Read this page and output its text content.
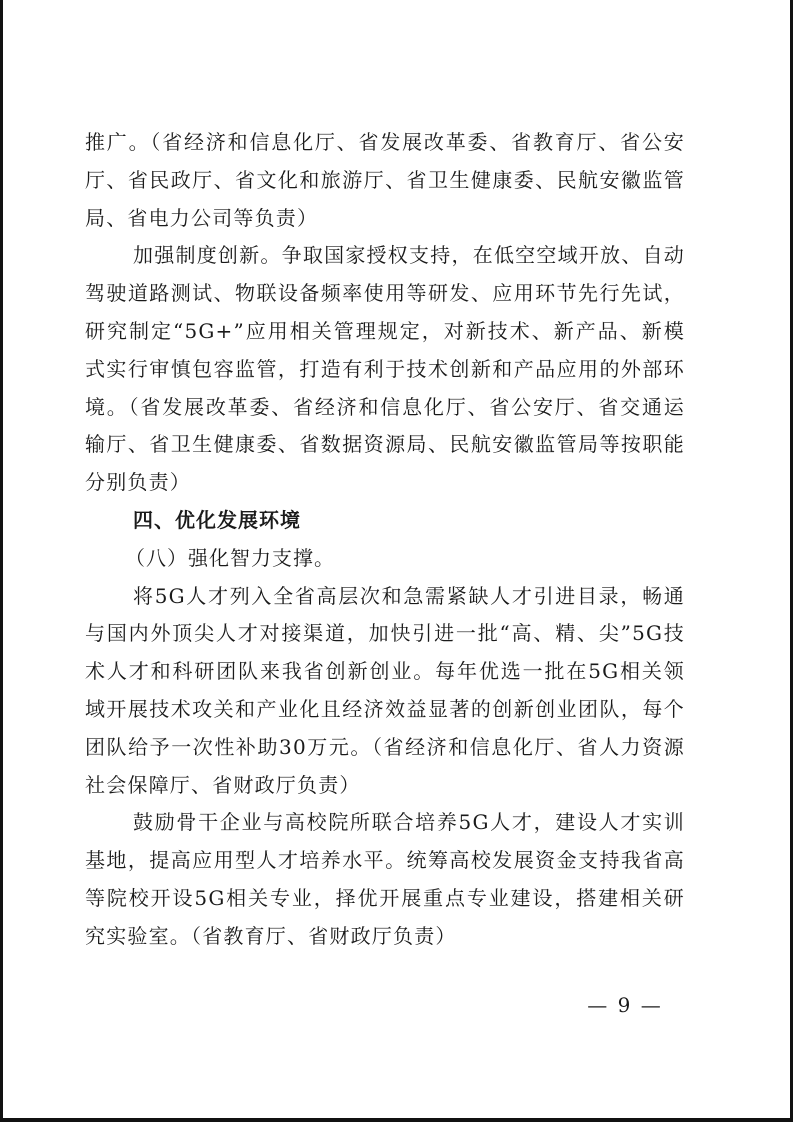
推广。（省经济和信息化厅、省发展改革委、省教育厅、省公安厅、省民政厅、省文化和旅游厅、省卫生健康委、民航安徽监管局、省电力公司等负责）

加强制度创新。争取国家授权支持，在低空空域开放、自动驾驶道路测试、物联设备频率使用等研发、应用环节先行先试，研究制定“5G+”应用相关管理规定，对新技术、新产品、新模式实行审慎包容监管，打造有利于技术创新和产品应用的外部环境。（省发展改革委、省经济和信息化厅、省公安厅、省交通运输厅、省卫生健康委、省数据资源局、民航安徽监管局等按职能分别负责）

四、优化发展环境

（八）强化智力支撑。

将5G人才列入全省高层次和急需紧缺人才引进目录，畅通与国内外顶尖人才对接渠道，加快引进一批“高、精、尖”5G技术人才和科研团队来我省创新创业。每年优选一批在5G相关领域开展技术攻关和产业化且经济效益显著的创新创业团队，每个团队给予一次性补助30万元。（省经济和信息化厅、省人力资源社会保障厅、省财政厅负责）

鼓励骨干企业与高校院所联合培养5G人才，建设人才实训基地，提高应用型人才培养水平。统筹高校发展资金支持我省高等院校开设5G相关专业，择优开展重点专业建设，搭建相关研究实验室。（省教育厅、省财政厅负责）

— 9 —
